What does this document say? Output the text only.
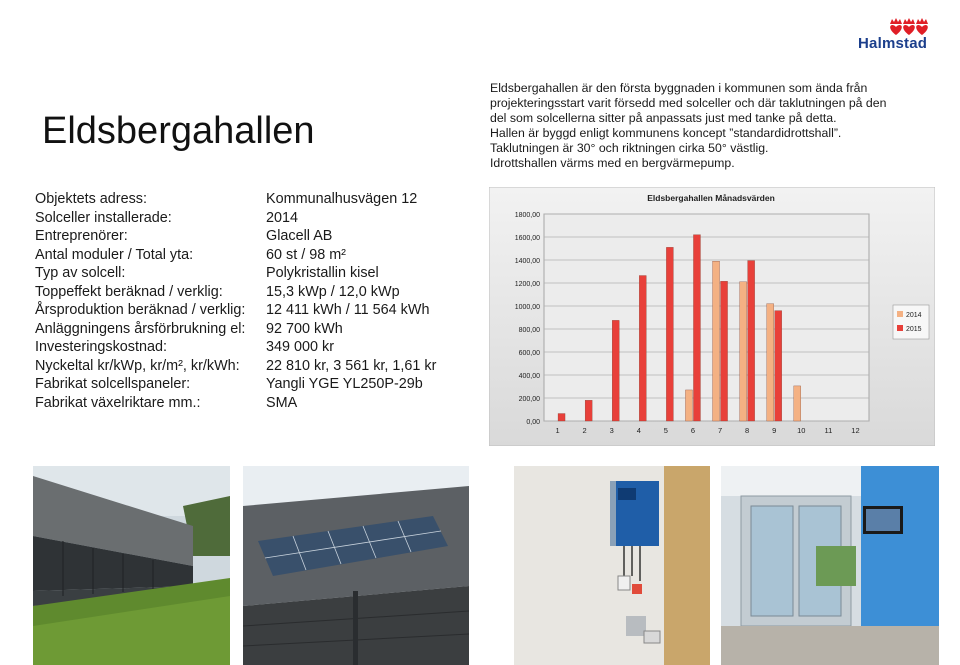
Halmstad
Eldsbergahallen
Eldsbergahallen är den första byggnaden i kommunen som ända från
projekteringsstart varit försedd med solceller och där taklutningen på den
del som solcellerna sitter på anpassats just med tanke på detta.
Hallen är byggd enligt kommunens koncept ”standardidrottshall”.
Taklutningen är 30° och riktningen cirka 50° västlig.
Idrottshallen värms med en bergvärmepump.
Objektets adress:	Kommunalhusvägen 12
Solceller installerade:	2014
Entreprenörer:	Glacell AB
Antal moduler / Total yta:	60 st / 98 m²
Typ av solcell:	Polykristallin kisel
Toppeffekt beräknad / verklig:	15,3 kWp / 12,0 kWp
Årsproduktion beräknad / verklig: 12 411 kWh / 11 564 kWh
Anläggningens årsförbrukning el: 92 700 kWh
Investeringskostnad:	349 000 kr
Nyckeltal kr/kWp, kr/m², kr/kWh: 22 810 kr, 3 561 kr, 1,61 kr
Fabrikat solcellspaneler:	Yangli YGE YL250P-29b
Fabrikat växelriktare mm.:	SMA
Eldsbergahallen Månadsvärden
0,00
200,00
400,00
600,00
800,00
1000,00
1200,00
1400,00
1600,00
1800,00
1	2	3	4	5	6	7	8	9	10	11	12
2014
2015
